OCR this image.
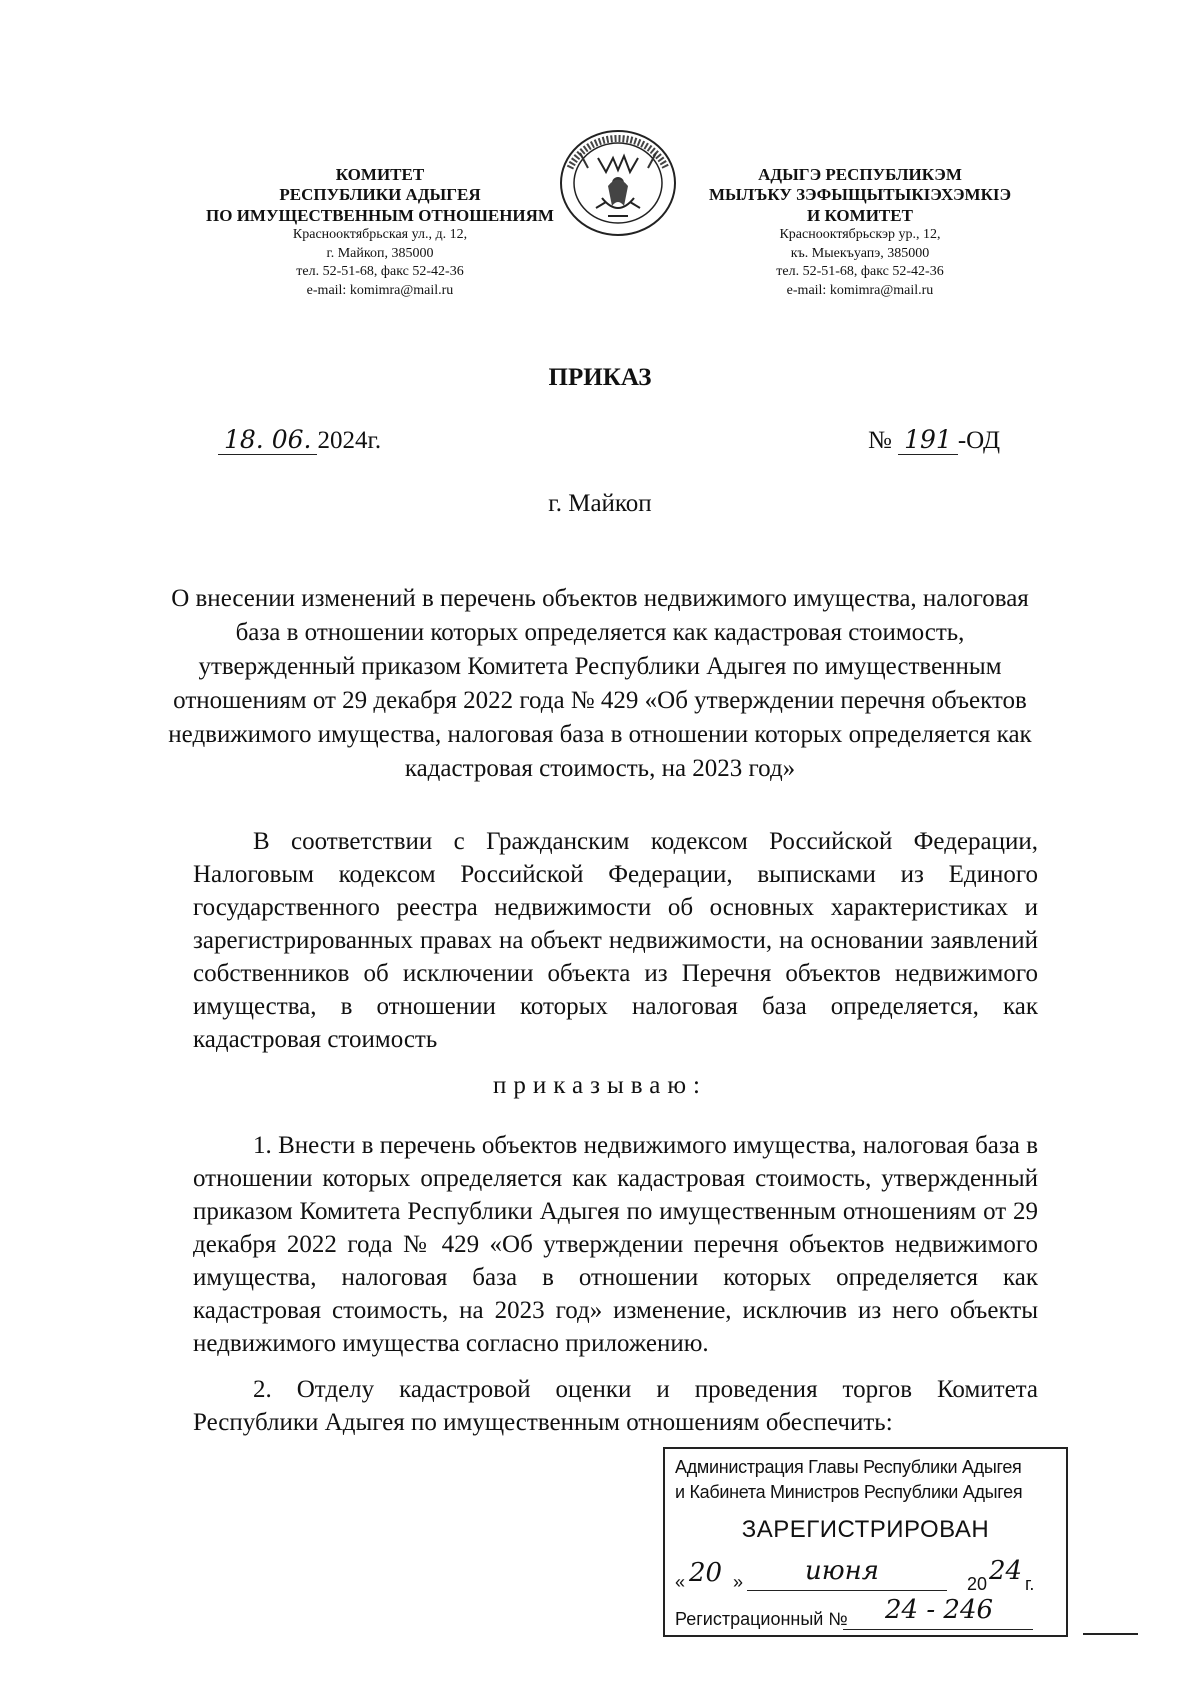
КОМИТЕТ
РЕСПУБЛИКИ АДЫГЕЯ
ПО ИМУЩЕСТВЕННЫМ ОТНОШЕНИЯМ
Краснооктябрьская ул., д. 12,
г. Майкоп, 385000
тел. 52-51-68, факс 52-42-36
e-mail: komimra@mail.ru
АДЫГЭ РЕСПУБЛИКЭМ
МЫЛЪКУ ЗЭФЫЩЫТЫКIЭХЭМКIЭ
И КОМИТЕТ
Краснооктябрьскэр ур., 12,
къ. Мыекъуапэ, 385000
тел. 52-51-68, факс 52-42-36
e-mail: komimra@mail.ru
ПРИКАЗ
18. 06. 2024г.	№ 191 -ОД
г. Майкоп
О внесении изменений в перечень объектов недвижимого имущества, налоговая база в отношении которых определяется как кадастровая стоимость, утвержденный приказом Комитета Республики Адыгея по имущественным отношениям от 29 декабря 2022 года № 429 «Об утверждении перечня объектов недвижимого имущества, налоговая база в отношении которых определяется как кадастровая стоимость, на 2023 год»
В соответствии с Гражданским кодексом Российской Федерации, Налоговым кодексом Российской Федерации, выписками из Единого государственного реестра недвижимости об основных характеристиках и зарегистрированных правах на объект недвижимости, на основании заявлений собственников об исключении объекта из Перечня объектов недвижимого имущества, в отношении которых налоговая база определяется, как кадастровая стоимость
приказываю:
1. Внести в перечень объектов недвижимого имущества, налоговая база в отношении которых определяется как кадастровая стоимость, утвержденный приказом Комитета Республики Адыгея по имущественным отношениям от 29 декабря 2022 года № 429 «Об утверждении перечня объектов недвижимого имущества, налоговая база в отношении которых определяется как кадастровая стоимость, на 2023 год» изменение, исключив из него объекты недвижимого имущества согласно приложению.
2. Отделу кадастровой оценки и проведения торгов Комитета Республики Адыгея по имущественным отношениям обеспечить:
Администрация Главы Республики Адыгея
и Кабинета Министров Республики Адыгея
ЗАРЕГИСТРИРОВАН
« 20 » июня	20 24 г.
Регистрационный № 24 - 246
